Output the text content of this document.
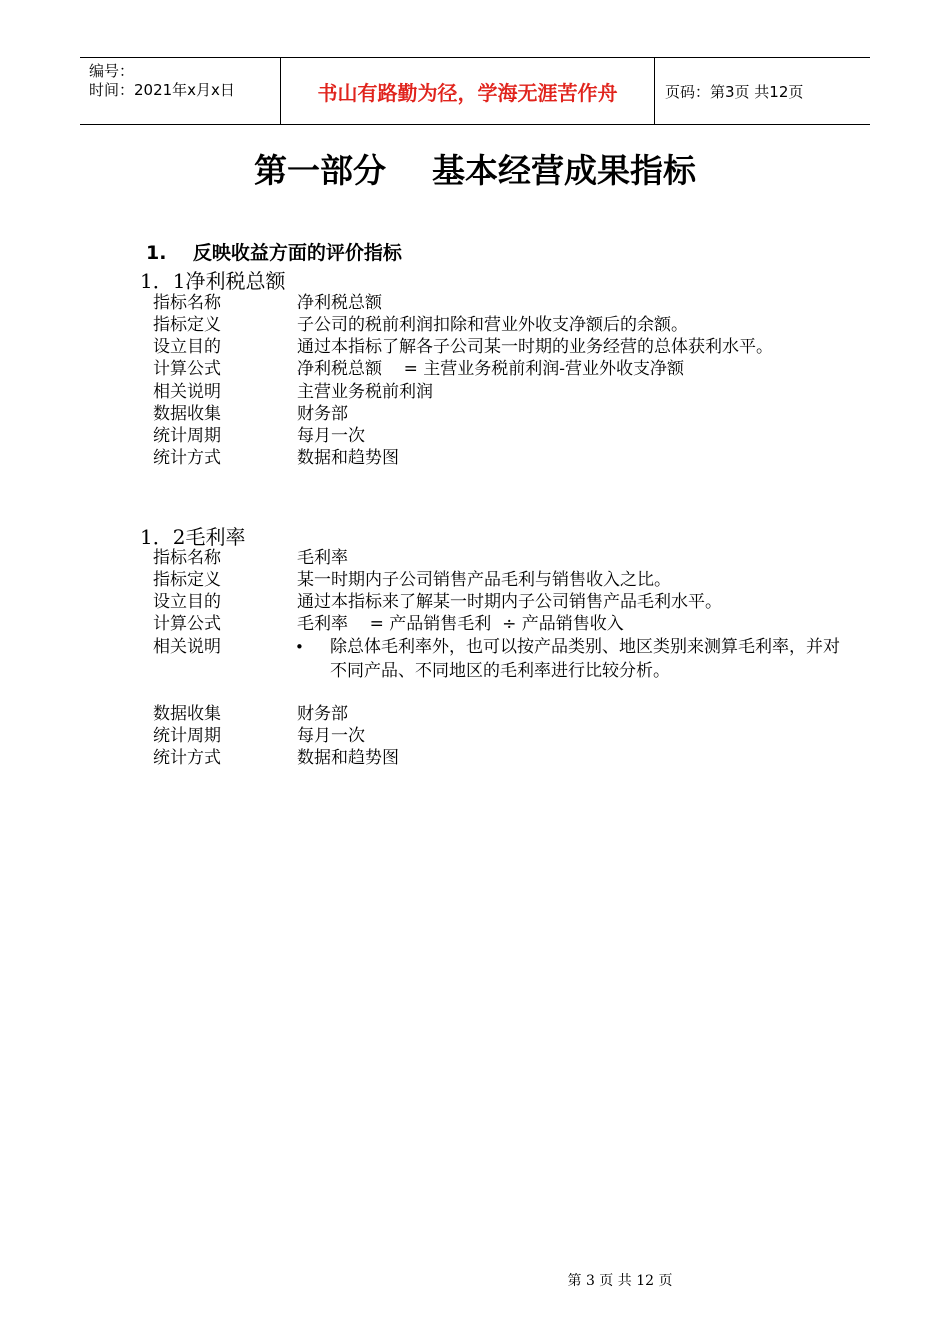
编号：
时间：2021年x月x日	书山有路勤为径，学海无涯苦作舟	页码：第3页 共12页
第一部分    基本经营成果指标
1.    反映收益方面的评价指标
1．1净利税总额
指标名称	净利税总额
指标定义	子公司的税前利润扣除和营业外收支净额后的余额。
设立目的	通过本指标了解各子公司某一时期的业务经营的总体获利水平。
计算公式	净利税总额    = 主营业务税前利润-营业外收支净额
相关说明	主营业务税前利润
数据收集	财务部
统计周期	每月一次
统计方式	数据和趋势图
1．2毛利率
指标名称	毛利率
指标定义	某一时期内子公司销售产品毛利与销售收入之比。
设立目的	通过本指标来了解某一时期内子公司销售产品毛利水平。
计算公式	毛利率    = 产品销售毛利  ÷ 产品销售收入
相关说明	• 除总体毛利率外，也可以按产品类别、地区类别来测算毛利率，并对不同产品、不同地区的毛利率进行比较分析。
数据收集	财务部
统计周期	每月一次
统计方式	数据和趋势图
第 3 页 共 12 页
